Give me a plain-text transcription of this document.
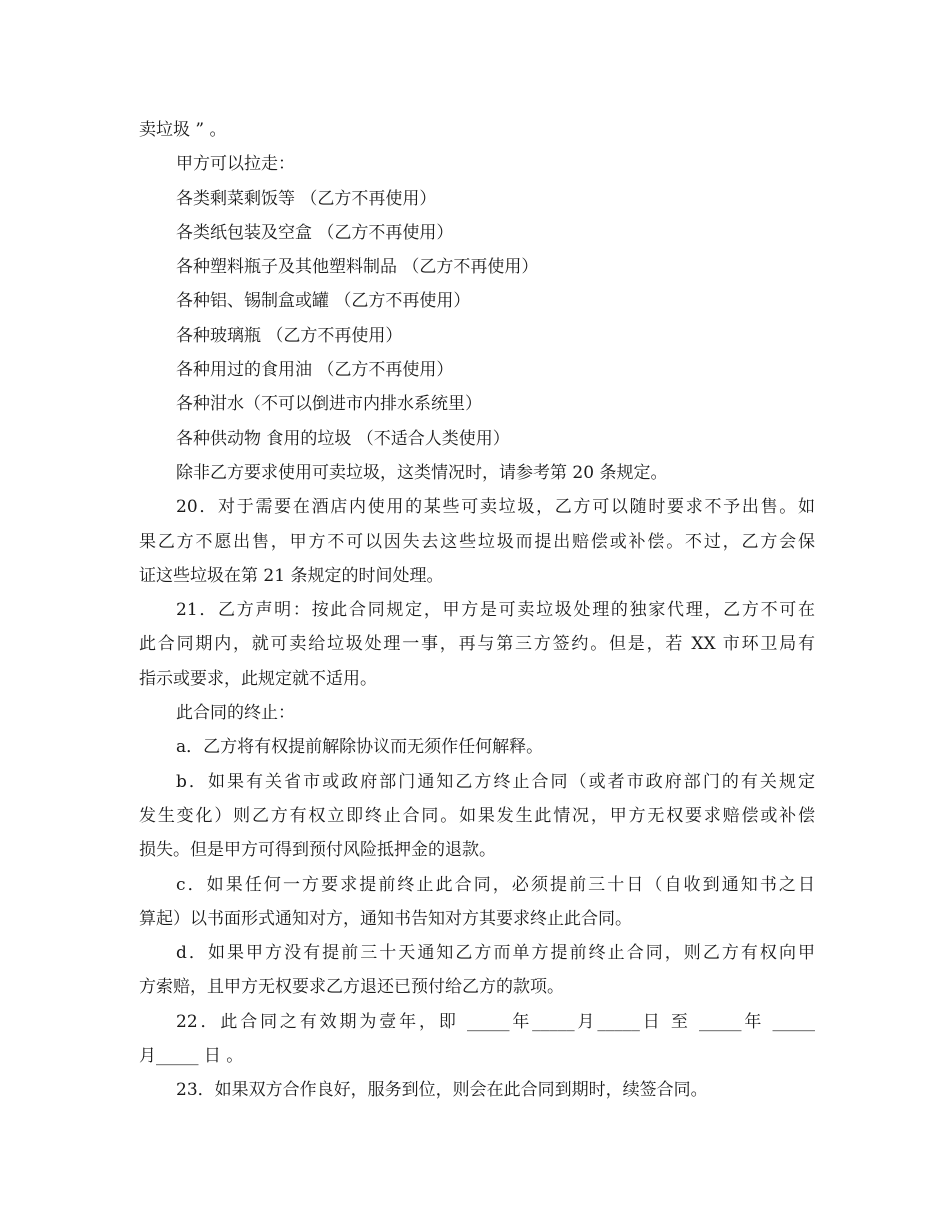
卖垃圾 ” 。
甲方可以拉走：
各类剩菜剩饭等 （乙方不再使用）
各类纸包装及空盒 （乙方不再使用）
各种塑料瓶子及其他塑料制品 （乙方不再使用）
各种铝、锡制盒或罐 （乙方不再使用）
各种玻璃瓶 （乙方不再使用）
各种用过的食用油 （乙方不再使用）
各种泔水（不可以倒进市内排水系统里）
各种供动物 食用的垃圾 （不适合人类使用）
除非乙方要求使用可卖垃圾，这类情况时，请参考第 20 条规定。
20．对于需要在酒店内使用的某些可卖垃圾，乙方可以随时要求不予出售。如
果乙方不愿出售，甲方不可以因失去这些垃圾而提出赔偿或补偿。不过，乙方会保
证这些垃圾在第 21 条规定的时间处理。
21．乙方声明：按此合同规定，甲方是可卖垃圾处理的独家代理，乙方不可在
此合同期内，就可卖给垃圾处理一事，再与第三方签约。但是，若 XX 市环卫局有
指示或要求，此规定就不适用。
此合同的终止：
a．乙方将有权提前解除协议而无须作任何解释。
b．如果有关省市或政府部门通知乙方终止合同（或者市政府部门的有关规定
发生变化）则乙方有权立即终止合同。如果发生此情况，甲方无权要求赔偿或补偿
损失。但是甲方可得到预付风险抵押金的退款。
c．如果任何一方要求提前终止此合同，必须提前三十日（自收到通知书之日
算起）以书面形式通知对方，通知书告知对方其要求终止此合同。
d．如果甲方没有提前三十天通知乙方而单方提前终止合同，则乙方有权向甲
方索赔，且甲方无权要求乙方退还已预付给乙方的款项。
22．此合同之有效期为壹年，即 _____年_____月_____日 至 _____年 _____
月_____ 日 。
23．如果双方合作良好，服务到位，则会在此合同到期时，续签合同。
